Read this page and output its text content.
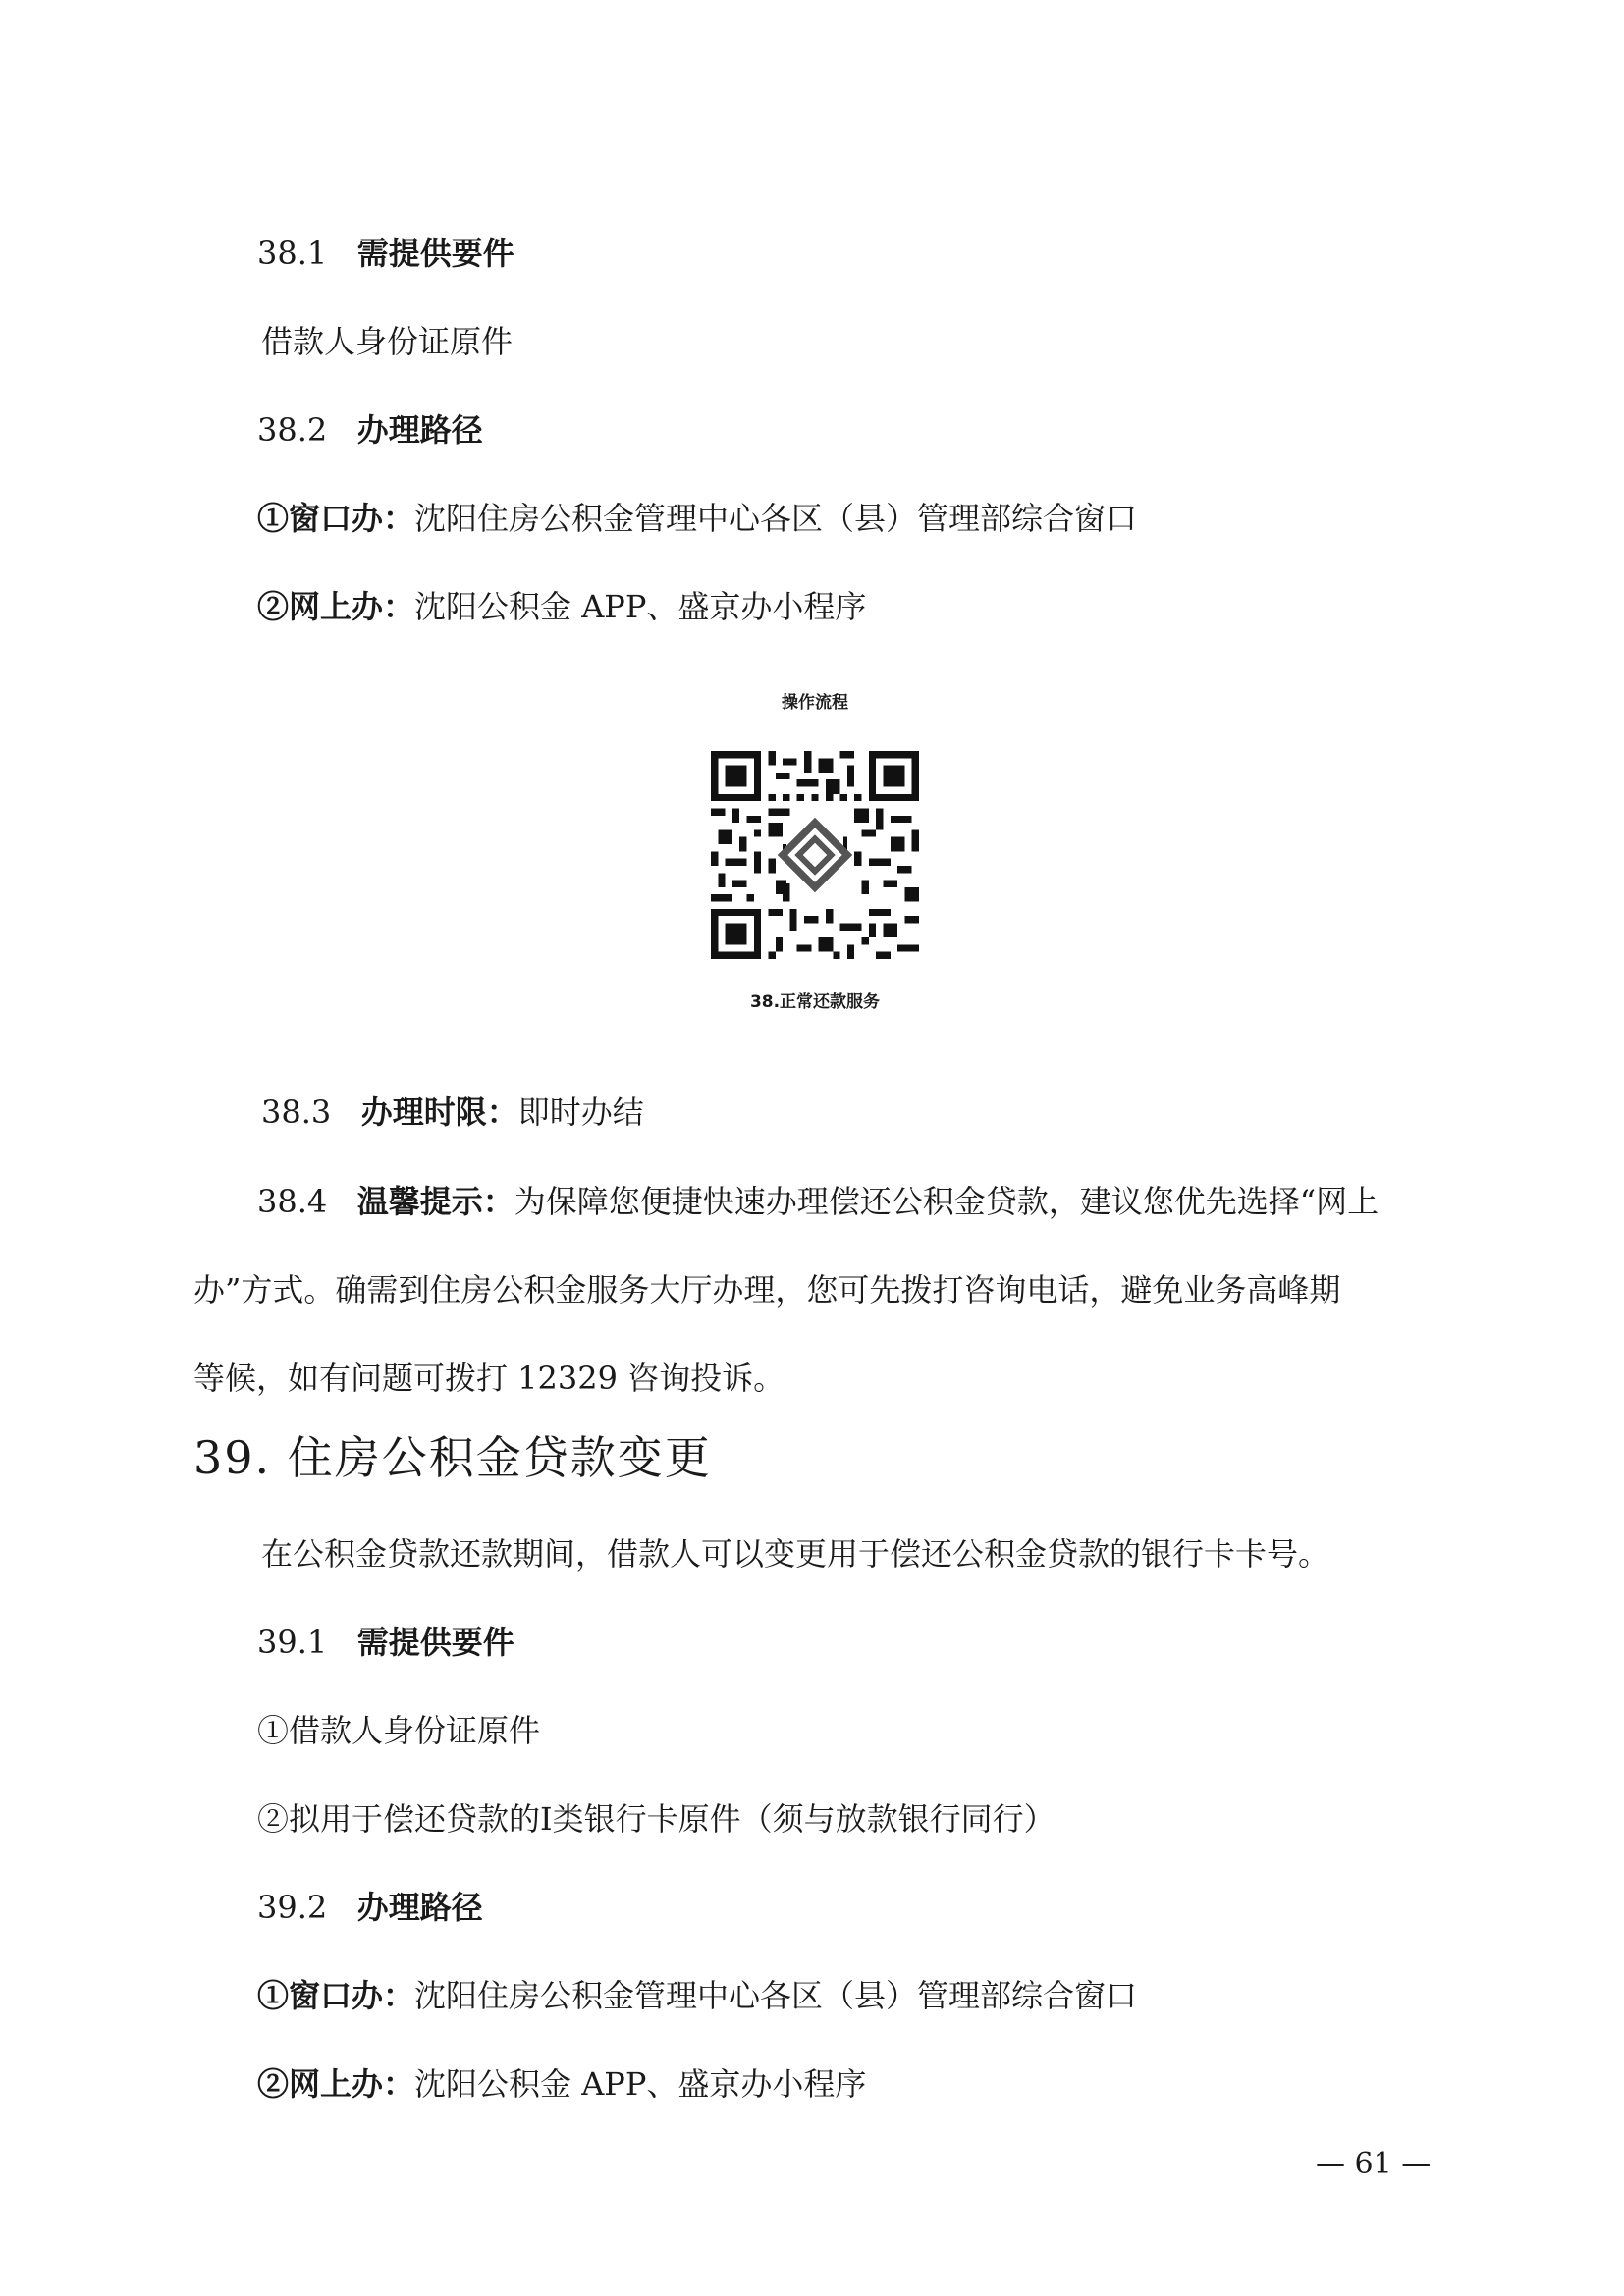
38.1 需提供要件
借款人身份证原件
38.2 办理路径
①窗口办：沈阳住房公积金管理中心各区（县）管理部综合窗口
②网上办：沈阳公积金 APP、盛京办小程序
操作流程
38.正常还款服务
38.3 办理时限：即时办结
38.4 温馨提示：为保障您便捷快速办理偿还公积金贷款，建议您优先选择“网上
办”方式。确需到住房公积金服务大厅办理，您可先拨打咨询电话，避免业务高峰期
等候，如有问题可拨打 12329 咨询投诉。
39. 住房公积金贷款变更
在公积金贷款还款期间，借款人可以变更用于偿还公积金贷款的银行卡卡号。
39.1 需提供要件
①借款人身份证原件
②拟用于偿还贷款的Ⅰ类银行卡原件（须与放款银行同行）
39.2 办理路径
①窗口办：沈阳住房公积金管理中心各区（县）管理部综合窗口
②网上办：沈阳公积金 APP、盛京办小程序
— 61 —
